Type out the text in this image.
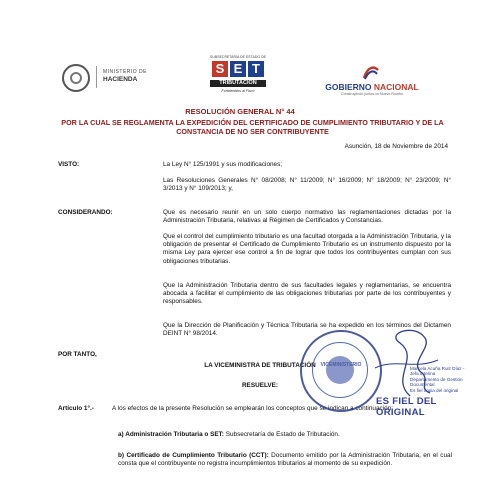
MINISTERIO DE
HACIENDA
SUBSECRETARÍA DE ESTADO DE
S E T
TRIBUTACION
Fortalecidos al Fisco	GOBIERNO NACIONAL
Construyendo juntos un Nuevo Rumbo
RESOLUCIÓN GENERAL N° 44
POR LA CUAL SE REGLAMENTA LA EXPEDICIÓN DEL CERTIFICADO DE CUMPLIMIENTO TRIBUTARIO Y DE LA CONSTANCIA DE NO SER CONTRIBUYENTE
Asunción, 18 de Noviembre de 2014
VISTO:	La Ley N° 125/1991 y sus modificaciones;
Las Resoluciones Generales N° 08/2008; N° 11/2009; N° 16/2009; N° 18/2009; N° 23/2009; N° 3/2013 y N° 109/2013; y,
CONSIDERANDO:	Que es necesario reunir en un solo cuerpo normativo las reglamentaciones dictadas por la Administración Tributaria, relativas al Régimen de Certificados y Constancias.
Que el control del cumplimiento tributario es una facultad otorgada a la Administración Tributaria, y la obligación de presentar el Certificado de Cumplimiento Tributario es un instrumento dispuesto por la misma Ley para ejercer ese control a fin de lograr que todos los contribuyentes cumplan con sus obligaciones tributarias.
Que la Administración Tributaria dentro de sus facultades legales y reglamentarias, se encuentra abocada a facilitar el cumplimiento de las obligaciones tributarias por parte de los contribuyentes y responsables.
Que la Dirección de Planificación y Técnica Tributaria se ha expedido en los términos del Dictamen DEINT N° 98/2014.
POR TANTO,
LA VICEMINISTRA DE TRIBUTACIÓN
RESUELVE:
Artículo 1°.-	A los efectos de la presente Resolución se emplearán los conceptos que se indican a continuación:
a) Administración Tributaria o SET: Subsecretaría de Estado de Tributación.
b) Certificado de Cumplimiento Tributario (CCT): Documento emitido por la Administración Tributaria, en el cual consta que el contribuyente no registra incumplimientos tributarios al momento de su expedición.
VICEMINISTERIO
Marcela Acuña Ruiz Díaz - Jefa Interina
Departamento de Gestión Documental
Es fiel copia del original
ES FIEL DEL ORIGINAL
